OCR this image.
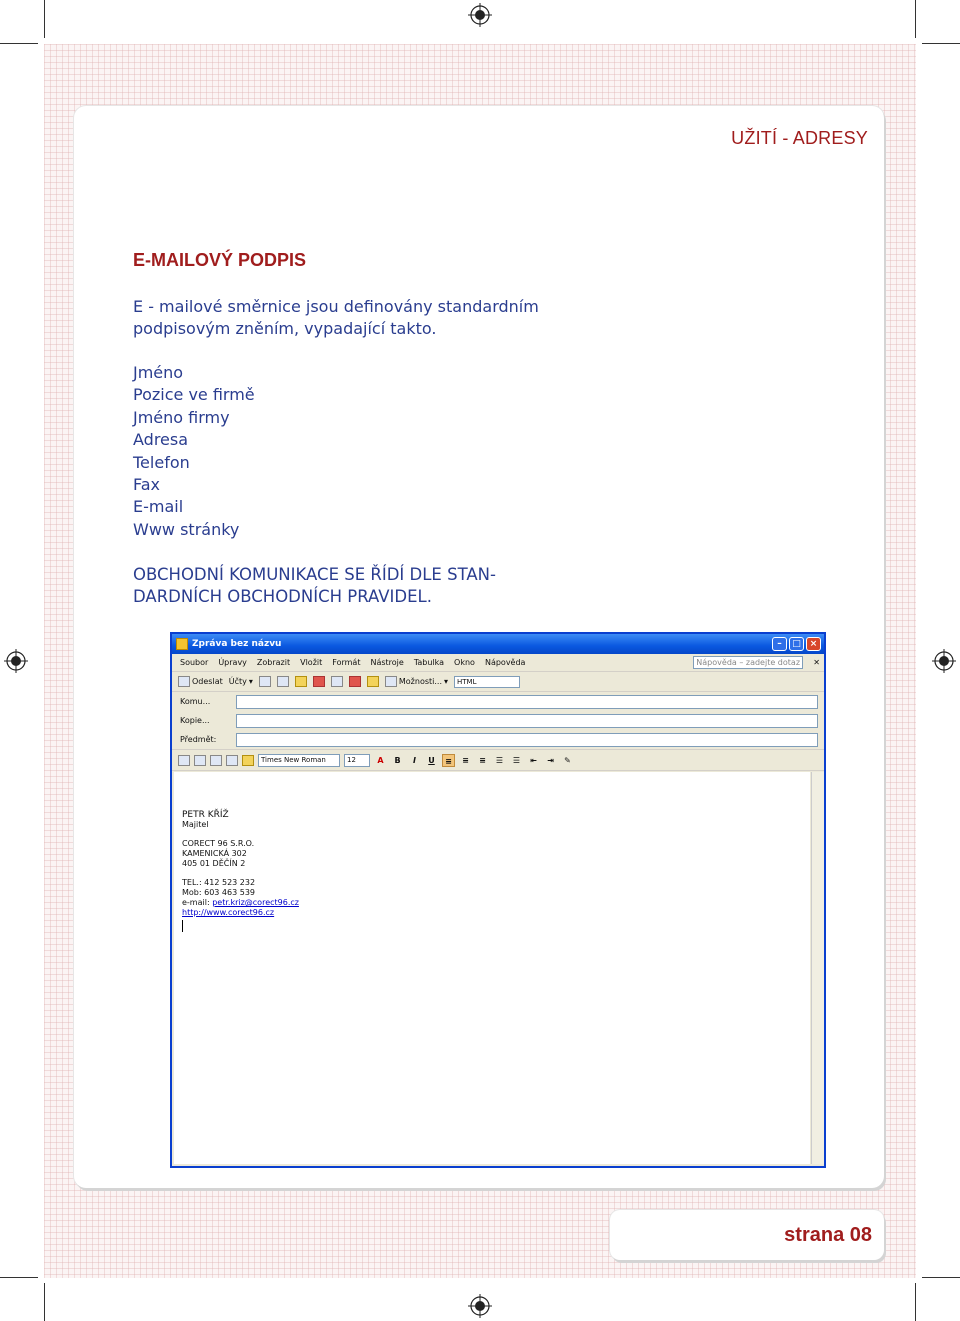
UŽITÍ - ADRESY
E-MAILOVÝ PODPIS
E - mailové směrnice jsou definovány standardním podpisovým zněním, vypadající takto.
Jméno
Pozice ve firmě
Jméno firmy
Adresa
Telefon
Fax
E-mail
Www stránky
OBCHODNÍ KOMUNIKACE SE ŘÍDÍ DLE STAN-DARDNÍCH OBCHODNÍCH PRAVIDEL.
Zpráva bez názvu	–	□ ×
Soubor Úpravy Zobrazit Vložit Formát Nástroje Tabulka Okno Nápověda	Nápověda – zadejte dotaz	✕
Odeslat Účty ▾	Možnosti... ▾	HTML
Komu...
Kopie...
Předmět:
Times New Roman	12	A	B	I	U	≡	≡	≡	☰	☰	⇤	⇥	✎
PETR KŘÍŽ
Majitel
CORECT 96 S.R.O.
KAMENICKÁ 302
405 01 DĚČÍN 2
TEL.: 412 523 232
Mob: 603 463 539
e-mail: petr.kriz@corect96.cz
http://www.corect96.cz
strana 08
